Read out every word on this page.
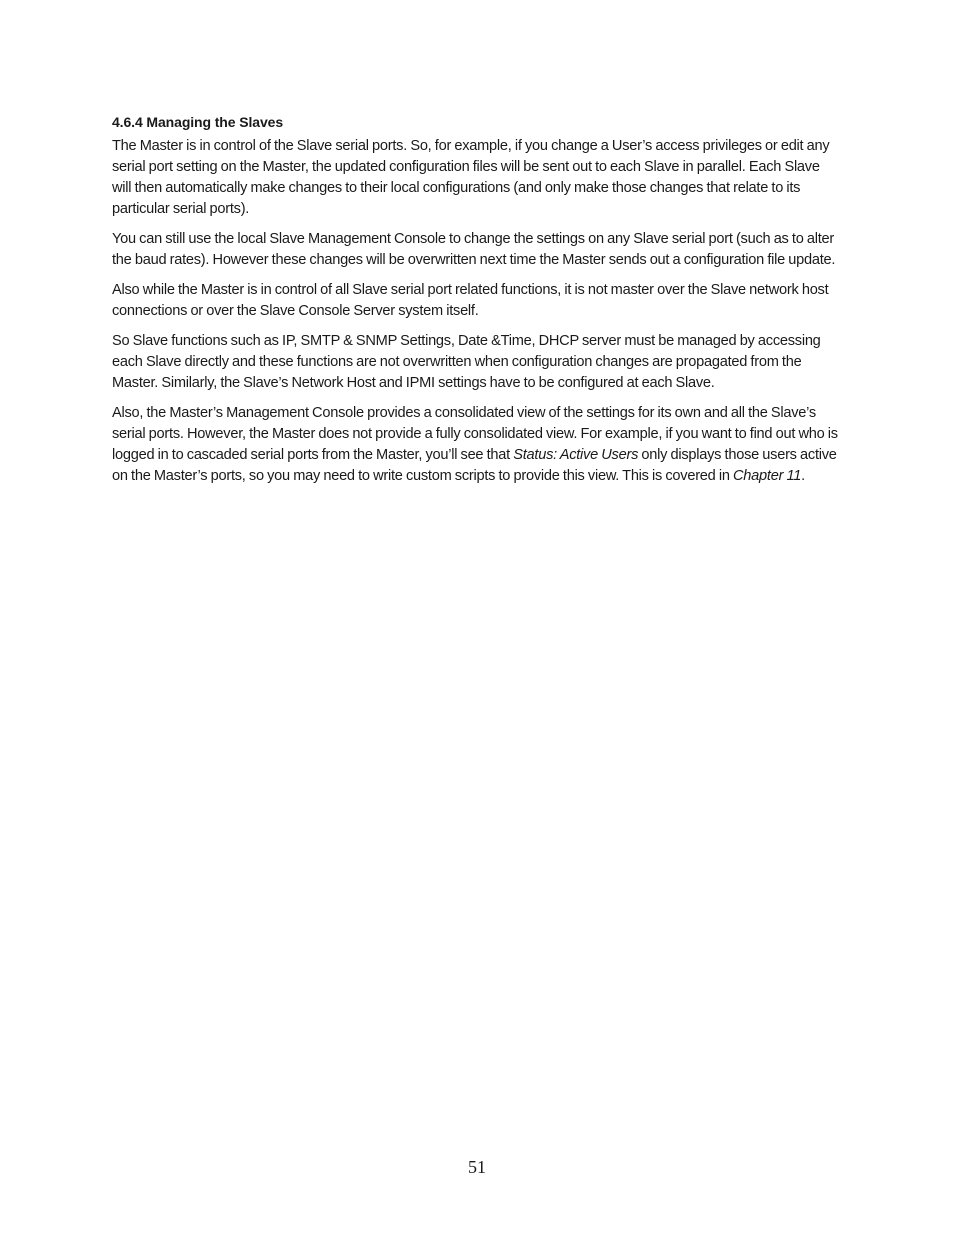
4.6.4 Managing the Slaves

The Master is in control of the Slave serial ports. So, for example, if you change a User’s access privileges or edit any serial port setting on the Master, the updated configuration files will be sent out to each Slave in parallel. Each Slave will then automatically make changes to their local configurations (and only make those changes that relate to its particular serial ports).

You can still use the local Slave Management Console to change the settings on any Slave serial port (such as to alter the baud rates). However these changes will be overwritten next time the Master sends out a configuration file update.

Also while the Master is in control of all Slave serial port related functions, it is not master over the Slave network host connections or over the Slave Console Server system itself.

So Slave functions such as IP, SMTP & SNMP Settings, Date &Time, DHCP server must be managed by accessing each Slave directly and these functions are not overwritten when configuration changes are propagated from the Master. Similarly, the Slave’s Network Host and IPMI settings have to be configured at each Slave.

Also, the Master’s Management Console provides a consolidated view of the settings for its own and all the Slave’s serial ports. However, the Master does not provide a fully consolidated view. For example, if you want to find out who is logged in to cascaded serial ports from the Master, you’ll see that Status: Active Users only displays those users active on the Master’s ports, so you may need to write custom scripts to provide this view. This is covered in Chapter 11.

51
